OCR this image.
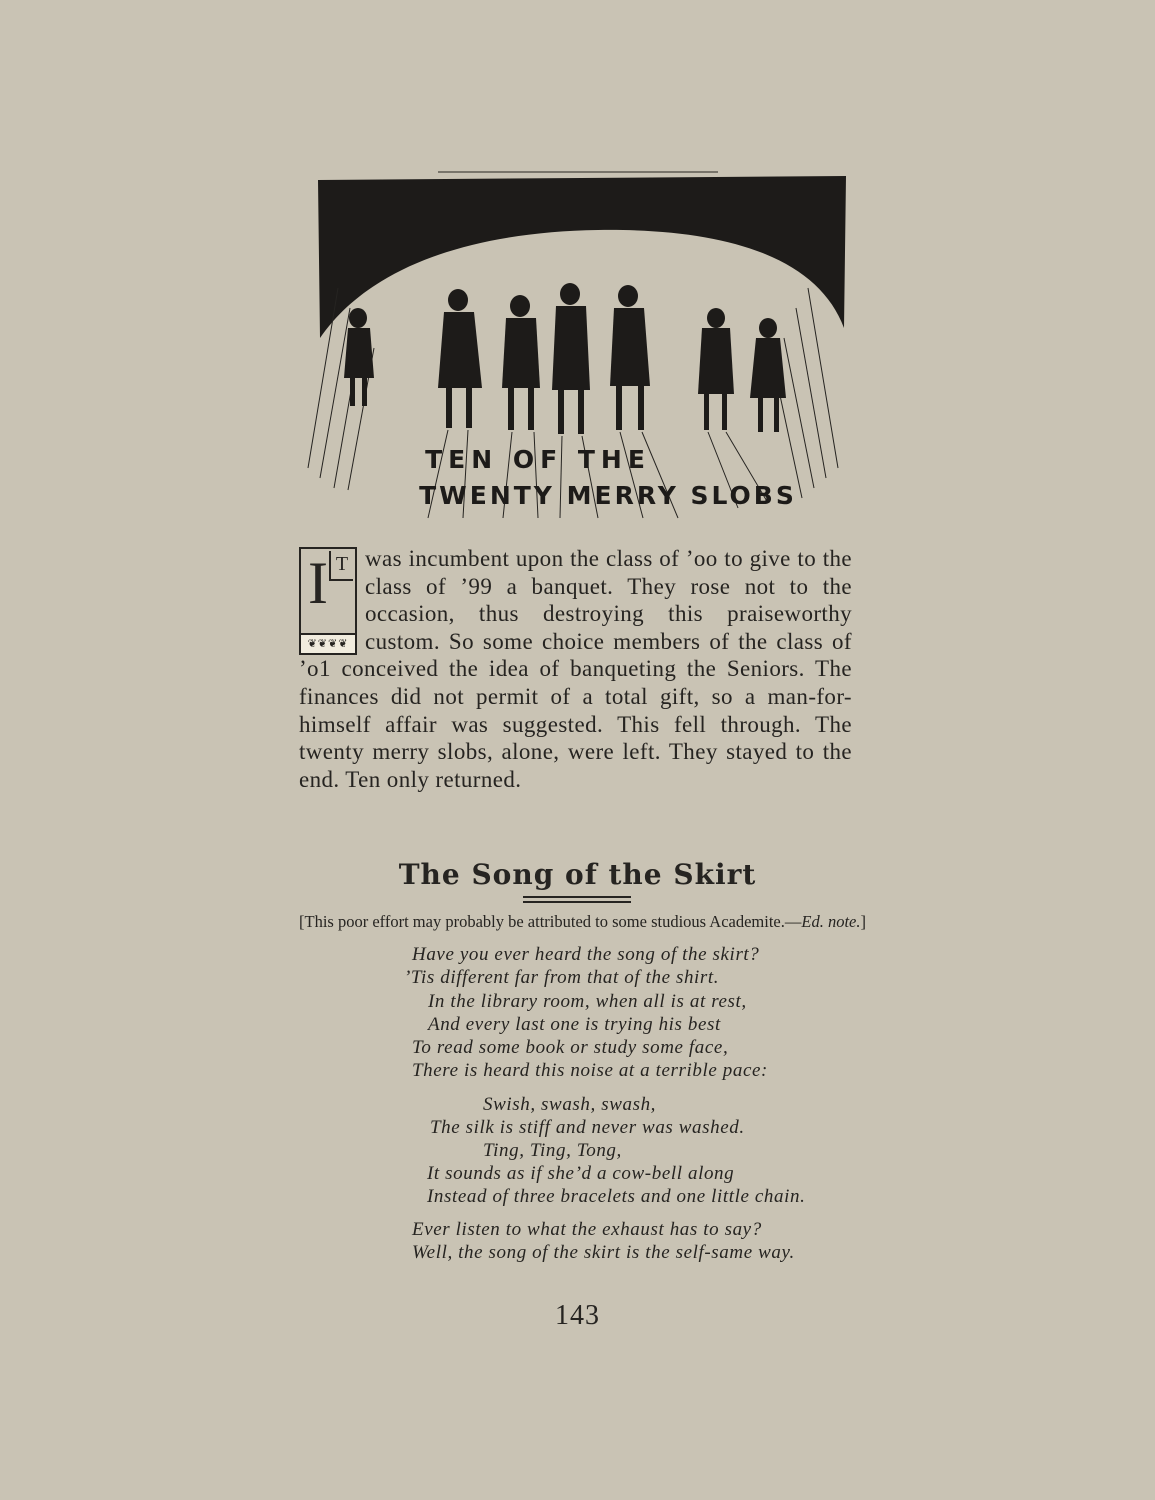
TEN OF THE
TWENTY MERRY SLOBS
I T
❦❦❦❦

was incumbent upon the class of ’oo to give to the class of ’99 a banquet. They rose not to the occasion, thus destroying this praiseworthy custom. So some choice members of the class of ’o1 conceived the idea of banqueting the Seniors. The finances did not permit of a total gift, so a man-for-himself affair was suggested. This fell through. The twenty merry slobs, alone, were left. They stayed to the end. Ten only returned.

The Song of the Skirt
[This poor effort may probably be attributed to some studious Academite.—Ed. note.]
Have you ever heard the song of the skirt?
’Tis different far from that of the shirt.
In the library room, when all is at rest,
And every last one is trying his best
To read some book or study some face,
There is heard this noise at a terrible pace:
Swish, swash, swash,
The silk is stiff and never was washed.
Ting, Ting, Tong,
It sounds as if she’d a cow-bell along
Instead of three bracelets and one little chain.
Ever listen to what the exhaust has to say?
Well, the song of the skirt is the self-same way.
143
